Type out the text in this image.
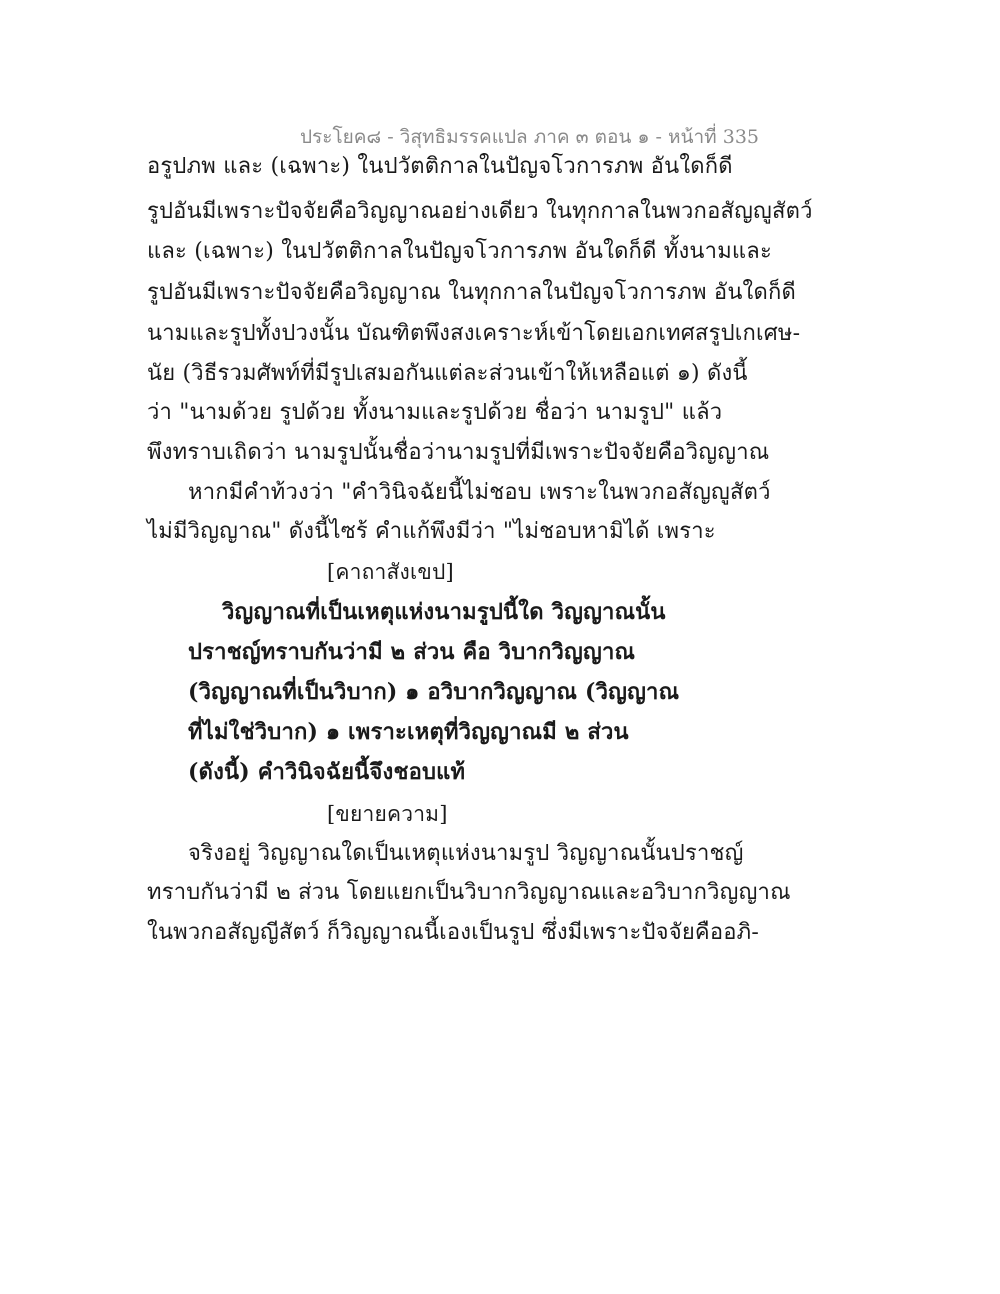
ประโยค๘ - วิสุทธิมรรคแปล ภาค ๓ ตอน ๑ - หน้าที่ 335
อรูปภพ และ (เฉพาะ) ในปวัตติกาลในปัญจโวการภพ อันใดก็ดี
รูปอันมีเพราะปัจจัยคือวิญญาณอย่างเดียว ในทุกกาลในพวกอสัญญูสัตว์
และ (เฉพาะ) ในปวัตติกาลในปัญจโวการภพ อันใดก็ดี ทั้งนามและ
รูปอันมีเพราะปัจจัยคือวิญญาณ ในทุกกาลในปัญจโวการภพ อันใดก็ดี
นามและรูปทั้งปวงนั้น บัณฑิตพึงสงเคราะห์เข้าโดยเอกเทศสรูปเกเศษ-
นัย (วิธีรวมศัพท์ที่มีรูปเสมอกันแต่ละส่วนเข้าให้เหลือแต่ ๑) ดังนี้
ว่า "นามด้วย รูปด้วย ทั้งนามและรูปด้วย ชื่อว่า นามรูป" แล้ว
พึงทราบเถิดว่า นามรูปนั้นชื่อว่านามรูปที่มีเพราะปัจจัยคือวิญญาณ
หากมีคำท้วงว่า "คำวินิจฉัยนี้ไม่ชอบ เพราะในพวกอสัญญูสัตว์
ไม่มีวิญญาณ" ดังนี้ไซร้ คำแก้พึงมีว่า "ไม่ชอบหามิได้ เพราะ
[คาถาสังเขป]
วิญญาณที่เป็นเหตุแห่งนามรูปนี้ใด วิญญาณนั้น
ปราชญ์ทราบกันว่ามี ๒ ส่วน คือ วิบากวิญญาณ
(วิญญาณที่เป็นวิบาก) ๑ อวิบากวิญญาณ (วิญญาณ
ที่ไม่ใช่วิบาก) ๑ เพราะเหตุที่วิญญาณมี ๒ ส่วน
(ดังนี้) คำวินิจฉัยนี้จึงชอบแท้
[ขยายความ]
จริงอยู่ วิญญาณใดเป็นเหตุแห่งนามรูป วิญญาณนั้นปราชญ์
ทราบกันว่ามี ๒ ส่วน โดยแยกเป็นวิบากวิญญาณและอวิบากวิญญาณ
ในพวกอสัญญีสัตว์ ก็วิญญาณนี้เองเป็นรูป ซึ่งมีเพราะปัจจัยคืออภิ-
